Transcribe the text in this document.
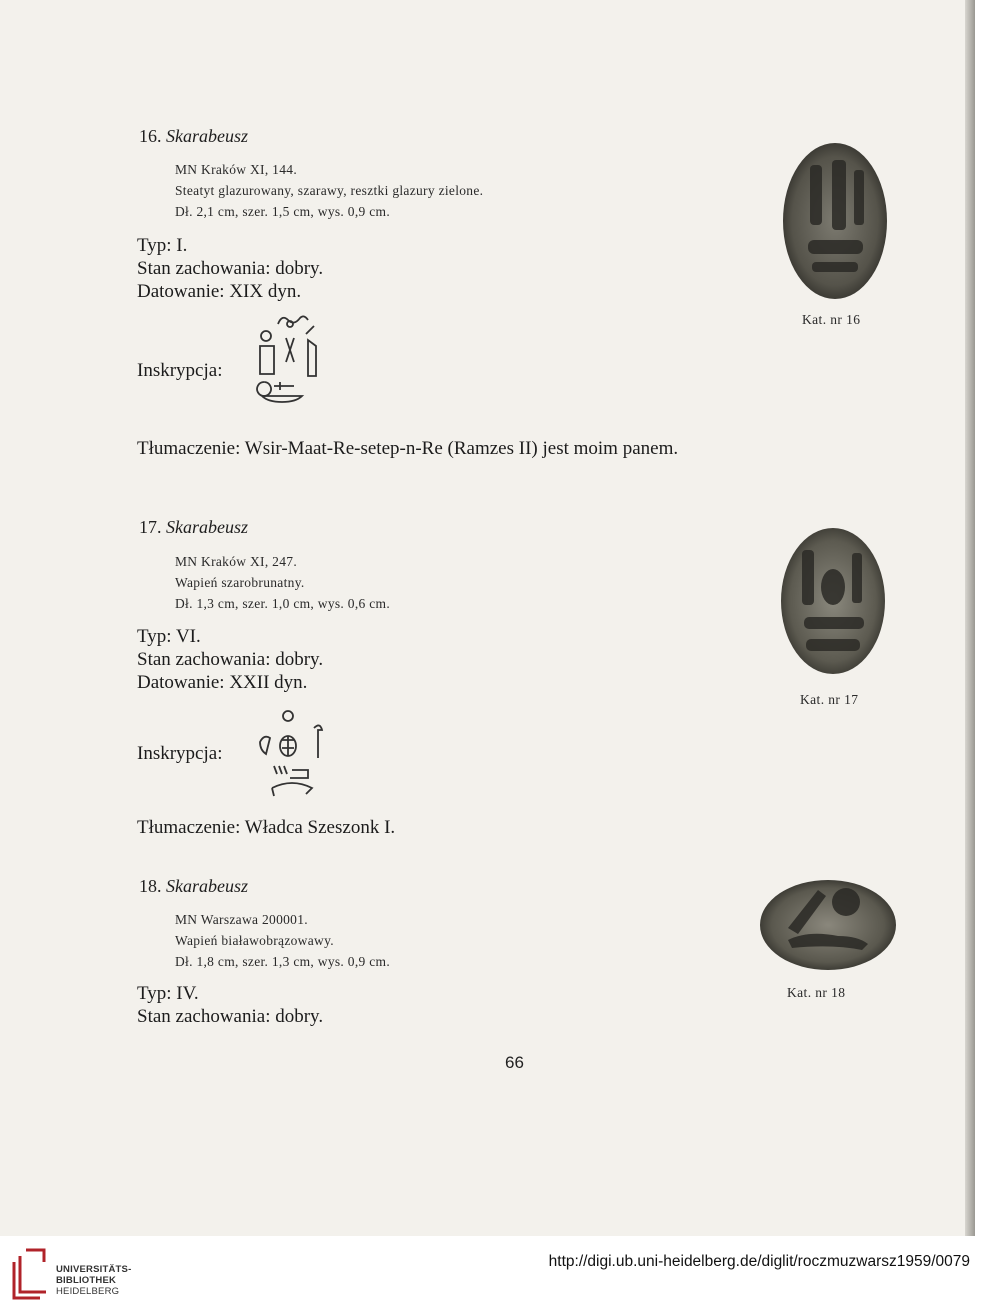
16. Skarabeusz
MN Kraków XI, 144.
Steatyt glazurowany, szarawy, resztki glazury zielone.
Dł. 2,1 cm, szer. 1,5 cm, wys. 0,9 cm.
Typ: I.
Stan zachowania: dobry.
Datowanie: XIX dyn.
Inskrypcja:
Tłumaczenie: Wsir-Maat-Re-setep-n-Re (Ramzes II) jest moim panem.
Kat. nr 16
17. Skarabeusz
MN Kraków XI, 247.
Wapień szarobrunatny.
Dł. 1,3 cm, szer. 1,0 cm, wys. 0,6 cm.
Typ: VI.
Stan zachowania: dobry.
Datowanie: XXII dyn.
Inskrypcja:
Tłumaczenie: Władca Szeszonk I.
Kat. nr 17
18. Skarabeusz
MN Warszawa 200001.
Wapień białawobrązowawy.
Dł. 1,8 cm, szer. 1,3 cm, wys. 0,9 cm.
Typ: IV.
Stan zachowania: dobry.
Kat. nr 18
66
UNIVERSITÄTS-
BIBLIOTHEK
HEIDELBERG
http://digi.ub.uni-heidelberg.de/diglit/roczmuzwarsz1959/0079
